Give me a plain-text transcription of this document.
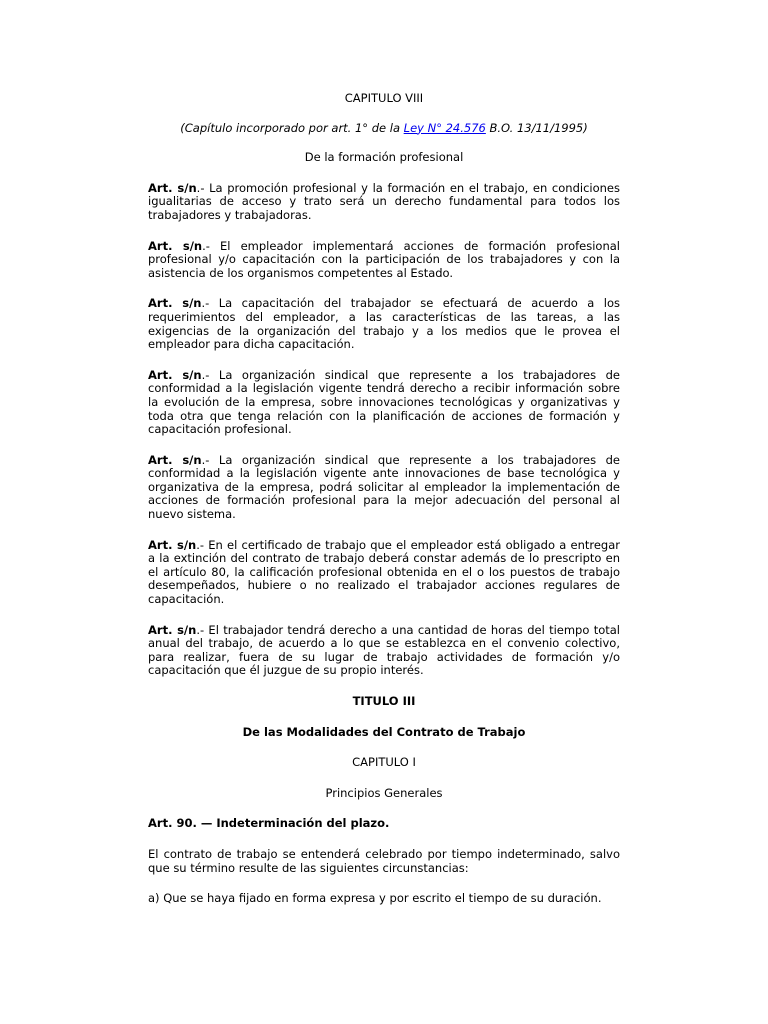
CAPITULO VIII
(Capítulo incorporado por art. 1° de la Ley N° 24.576 B.O. 13/11/1995)
De la formación profesional
Art. s/n.- La promoción profesional y la formación en el trabajo, en condiciones igualitarias de acceso y trato será un derecho fundamental para todos los trabajadores y trabajadoras.
Art. s/n.- El empleador implementará acciones de formación profesional profesional y/o capacitación con la participación de los trabajadores y con la asistencia de los organismos competentes al Estado.
Art. s/n.- La capacitación del trabajador se efectuará de acuerdo a los requerimientos del empleador, a las características de las tareas, a las exigencias de la organización del trabajo y a los medios que le provea el empleador para dicha capacitación.
Art. s/n.- La organización sindical que represente a los trabajadores de conformidad a la legislación vigente tendrá derecho a recibir información sobre la evolución de la empresa, sobre innovaciones tecnológicas y organizativas y toda otra que tenga relación con la planificación de acciones de formación y capacitación profesional.
Art. s/n.- La organización sindical que represente a los trabajadores de conformidad a la legislación vigente ante innovaciones de base tecnológica y organizativa de la empresa, podrá solicitar al empleador la implementación de acciones de formación profesional para la mejor adecuación del personal al nuevo sistema.
Art. s/n.- En el certificado de trabajo que el empleador está obligado a entregar a la extinción del contrato de trabajo deberá constar además de lo prescripto en el artículo 80, la calificación profesional obtenida en el o los puestos de trabajo desempeñados, hubiere o no realizado el trabajador acciones regulares de capacitación.
Art. s/n.- El trabajador tendrá derecho a una cantidad de horas del tiempo total anual del trabajo, de acuerdo a lo que se establezca en el convenio colectivo, para realizar, fuera de su lugar de trabajo actividades de formación y/o capacitación que él juzgue de su propio interés.
TITULO III
De las Modalidades del Contrato de Trabajo
CAPITULO I
Principios Generales
Art. 90. — Indeterminación del plazo.
El contrato de trabajo se entenderá celebrado por tiempo indeterminado, salvo que su término resulte de las siguientes circunstancias:
a) Que se haya fijado en forma expresa y por escrito el tiempo de su duración.
